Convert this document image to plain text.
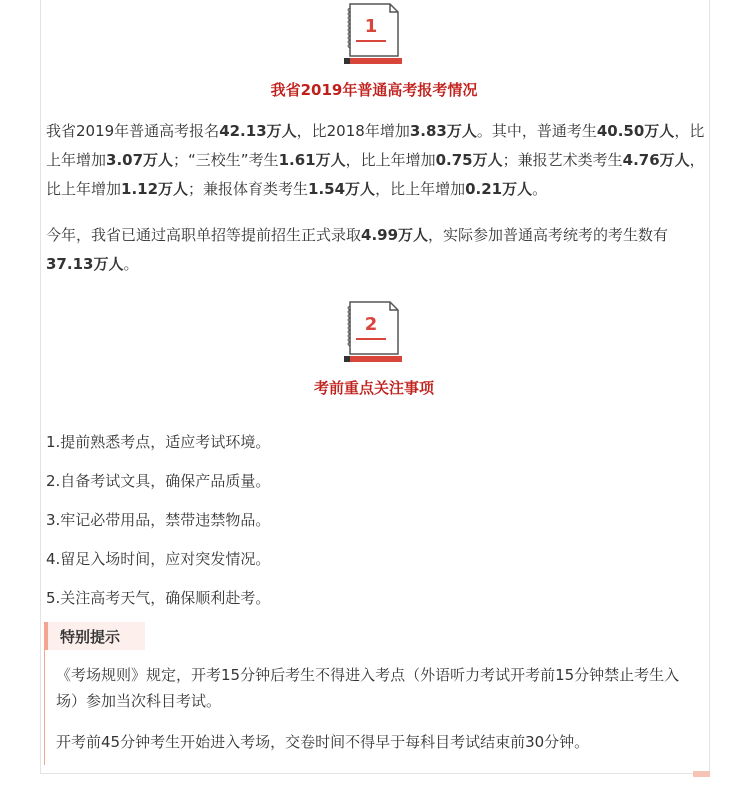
1
我省2019年普通高考报考情况

我省2019年普通高考报名42.13万人，比2018年增加3.83万人。其中，普通考生40.50万人，比上年增加3.07万人；“三校生”考生1.61万人，比上年增加0.75万人；兼报艺术类考生4.76万人，比上年增加1.12万人；兼报体育类考生1.54万人，比上年增加0.21万人。

今年，我省已通过高职单招等提前招生正式录取4.99万人，实际参加普通高考统考的考生数有37.13万人。

2
考前重点关注事项
1.提前熟悉考点，适应考试环境。
2.自备考试文具，确保产品质量。
3.牢记必带用品，禁带违禁物品。
4.留足入场时间，应对突发情况。
5.关注高考天气，确保顺利赴考。
特别提示

《考场规则》规定，开考15分钟后考生不得进入考点（外语听力考试开考前15分钟禁止考生入场）参加当次科目考试。

开考前45分钟考生开始进入考场，交卷时间不得早于每科目考试结束前30分钟。
